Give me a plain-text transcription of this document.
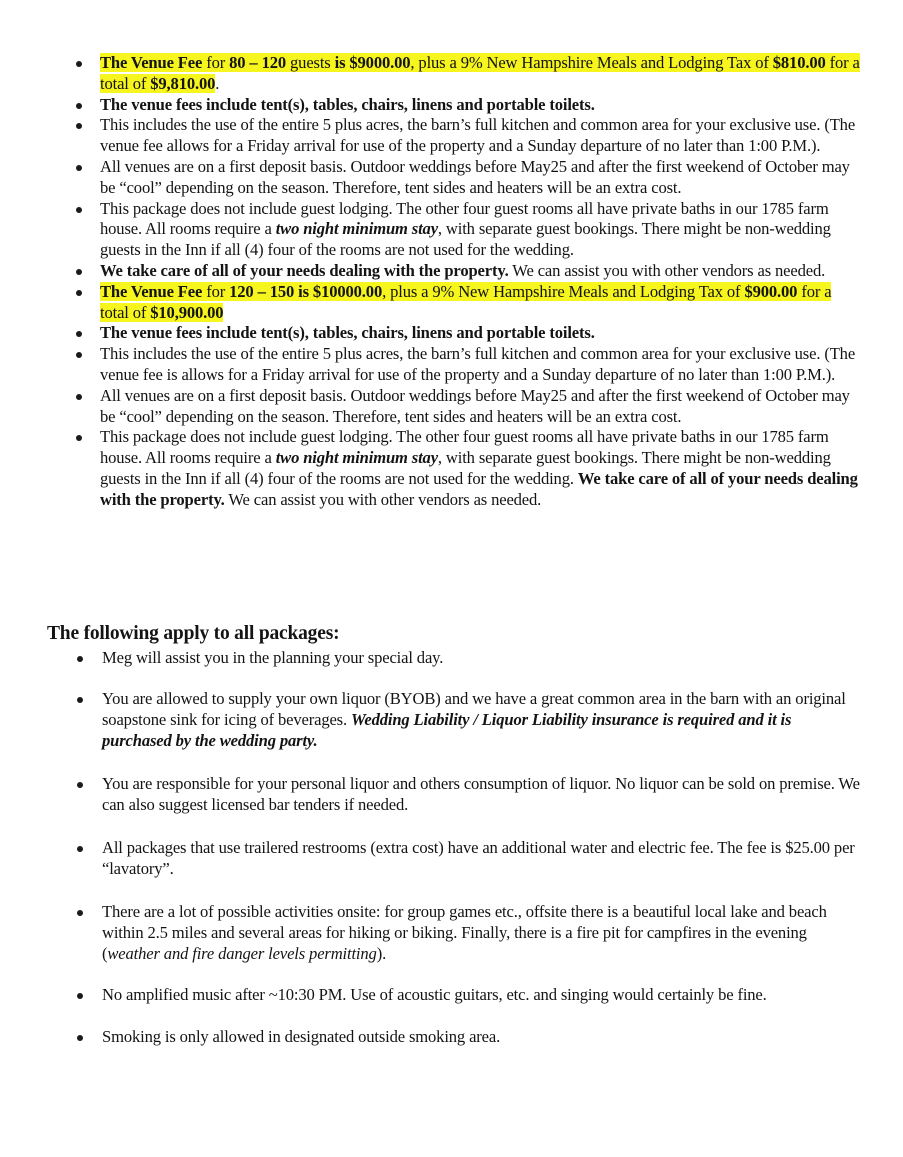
The Venue Fee for 80 – 120 guests is $9000.00, plus a 9% New Hampshire Meals and Lodging Tax of $810.00 for a total of $9,810.00.
The venue fees include tent(s), tables, chairs, linens and portable toilets.
This includes the use of the entire 5 plus acres, the barn’s full kitchen and common area for your exclusive use. (The venue fee allows for a Friday arrival for use of the property and a Sunday departure of no later than 1:00 P.M.).
All venues are on a first deposit basis. Outdoor weddings before May25 and after the first weekend of October may be “cool” depending on the season. Therefore, tent sides and heaters will be an extra cost.
This package does not include guest lodging. The other four guest rooms all have private baths in our 1785 farm house. All rooms require a two night minimum stay, with separate guest bookings. There might be non-wedding guests in the Inn if all (4) four of the rooms are not used for the wedding.
We take care of all of your needs dealing with the property. We can assist you with other vendors as needed.
The Venue Fee for 120 – 150 is $10000.00, plus a 9% New Hampshire Meals and Lodging Tax of $900.00 for a total of $10,900.00
The venue fees include tent(s), tables, chairs, linens and portable toilets.
This includes the use of the entire 5 plus acres, the barn’s full kitchen and common area for your exclusive use. (The venue fee is allows for a Friday arrival for use of the property and a Sunday departure of no later than 1:00 P.M.).
All venues are on a first deposit basis. Outdoor weddings before May25 and after the first weekend of October may be “cool” depending on the season. Therefore, tent sides and heaters will be an extra cost.
This package does not include guest lodging. The other four guest rooms all have private baths in our 1785 farm house. All rooms require a two night minimum stay, with separate guest bookings. There might be non-wedding guests in the Inn if all (4) four of the rooms are not used for the wedding. We take care of all of your needs dealing with the property. We can assist you with other vendors as needed.
The following apply to all packages:
Meg will assist you in the planning your special day.
You are allowed to supply your own liquor (BYOB) and we have a great common area in the barn with an original soapstone sink for icing of beverages. Wedding Liability / Liquor Liability insurance is required and it is purchased by the wedding party.
You are responsible for your personal liquor and others consumption of liquor. No liquor can be sold on premise. We can also suggest licensed bar tenders if needed.
All packages that use trailered restrooms (extra cost) have an additional water and electric fee. The fee is $25.00 per “lavatory”.
There are a lot of possible activities onsite: for group games etc., offsite there is a beautiful local lake and beach within 2.5 miles and several areas for hiking or biking. Finally, there is a fire pit for campfires in the evening (weather and fire danger levels permitting).
No amplified music after ~10:30 PM. Use of acoustic guitars, etc. and singing would certainly be fine.
Smoking is only allowed in designated outside smoking area.
